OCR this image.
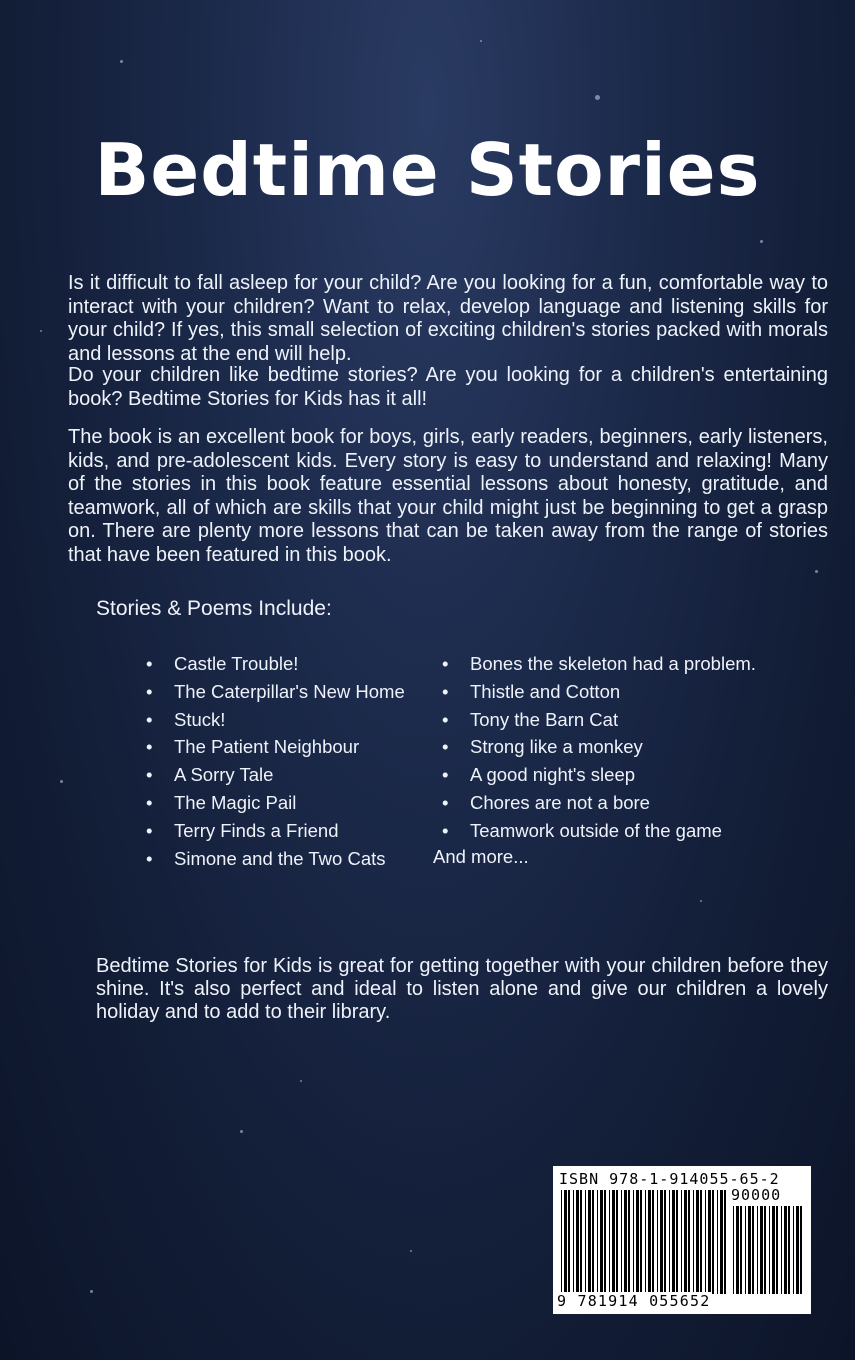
Bedtime Stories

Is it difficult to fall asleep for your child? Are you looking for a fun, comfortable way to interact with your children? Want to relax, develop language and listening skills for your child? If yes, this small selection of exciting children's stories packed with morals and lessons at the end will help.

Do your children like bedtime stories? Are you looking for a children's entertaining book? Bedtime Stories for Kids has it all!

The book is an excellent book for boys, girls, early readers, beginners, early listeners, kids, and pre-adolescent kids. Every story is easy to understand and relaxing! Many of the stories in this book feature essential lessons about honesty, gratitude, and teamwork, all of which are skills that your child might just be beginning to get a grasp on. There are plenty more lessons that can be taken away from the range of stories that have been featured in this book.

Stories & Poems Include:

• Castle Trouble!
• The Caterpillar's New Home
• Stuck!
• The Patient Neighbour
• A Sorry Tale
• The Magic Pail
• Terry Finds a Friend
• Simone and the Two Cats
• Bones the skeleton had a problem.
• Thistle and Cotton
• Tony the Barn Cat
• Strong like a monkey
• A good night's sleep
• Chores are not a bore
• Teamwork outside of the game

And more...

Bedtime Stories for Kids is great for getting together with your children before they shine. It's also perfect and ideal to listen alone and give our children a lovely holiday and to add to their library.

ISBN 978-1-914055-65-2

90000

9 781914 055652
